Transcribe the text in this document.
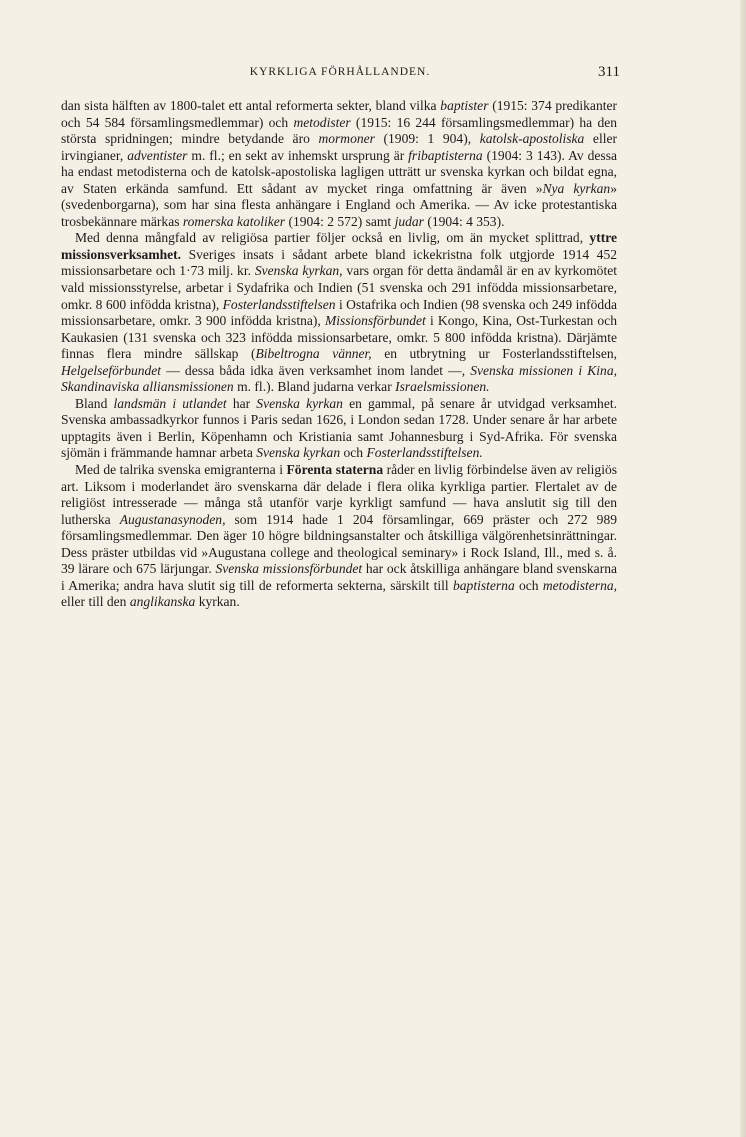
KYRKLIGA FÖRHÅLLANDEN.	311

dan sista hälften av 1800-talet ett antal reformerta sekter, bland vilka baptister (1915: 374 predikanter och 54 584 församlingsmedlemmar) och metodister (1915: 16 244 församlingsmedlemmar) ha den största spridningen; mindre betydande äro mormoner (1909: 1 904), katolsk-apostoliska eller irvingianer, adventister m. fl.; en sekt av inhemskt ursprung är fribaptisterna (1904: 3 143). Av dessa ha endast metodisterna och de katolsk-apostoliska lagligen utträtt ur svenska kyrkan och bildat egna, av Staten erkända samfund. Ett sådant av mycket ringa omfattning är även »Nya kyrkan» (svedenborgarna), som har sina flesta anhängare i England och Amerika. — Av icke protestantiska trosbekännare märkas romerska katoliker (1904: 2 572) samt judar (1904: 4 353).

Med denna mångfald av religiösa partier följer också en livlig, om än mycket splittrad, yttre missionsverksamhet. Sveriges insats i sådant arbete bland ickekristna folk utgjorde 1914 452 missionsarbetare och 1·73 milj. kr. Svenska kyrkan, vars organ för detta ändamål är en av kyrkomötet vald missionsstyrelse, arbetar i Sydafrika och Indien (51 svenska och 291 infödda missionsarbetare, omkr. 8 600 infödda kristna), Fosterlandsstiftelsen i Ostafrika och Indien (98 svenska och 249 infödda missionsarbetare, omkr. 3 900 infödda kristna), Missionsförbundet i Kongo, Kina, Ost-Turkestan och Kaukasien (131 svenska och 323 infödda missionsarbetare, omkr. 5 800 infödda kristna). Därjämte finnas flera mindre sällskap (Bibeltrogna vänner, en utbrytning ur Fosterlandsstiftelsen, Helgelseförbundet — dessa båda idka även verksamhet inom landet —, Svenska missionen i Kina, Skandinaviska alliansmissionen m. fl.). Bland judarna verkar Israelsmissionen.

Bland landsmän i utlandet har Svenska kyrkan en gammal, på senare år utvidgad verksamhet. Svenska ambassadkyrkor funnos i Paris sedan 1626, i London sedan 1728. Under senare år har arbete upptagits även i Berlin, Köpenhamn och Kristiania samt Johannesburg i Syd-Afrika. För svenska sjömän i främmande hamnar arbeta Svenska kyrkan och Fosterlandsstiftelsen.

Med de talrika svenska emigranterna i Förenta staterna råder en livlig förbindelse även av religiös art. Liksom i moderlandet äro svenskarna där delade i flera olika kyrkliga partier. Flertalet av de religiöst intresserade — många stå utanför varje kyrkligt samfund — hava anslutit sig till den lutherska Augustanasynoden, som 1914 hade 1 204 församlingar, 669 präster och 272 989 församlingsmedlemmar. Den äger 10 högre bildningsanstalter och åtskilliga välgörenhetsinrättningar. Dess präster utbildas vid »Augustana college and theological seminary» i Rock Island, Ill., med s. å. 39 lärare och 675 lärjungar. Svenska missionsförbundet har ock åtskilliga anhängare bland svenskarna i Amerika; andra hava slutit sig till de reformerta sekterna, särskilt till baptisterna och metodisterna, eller till den anglikanska kyrkan.
